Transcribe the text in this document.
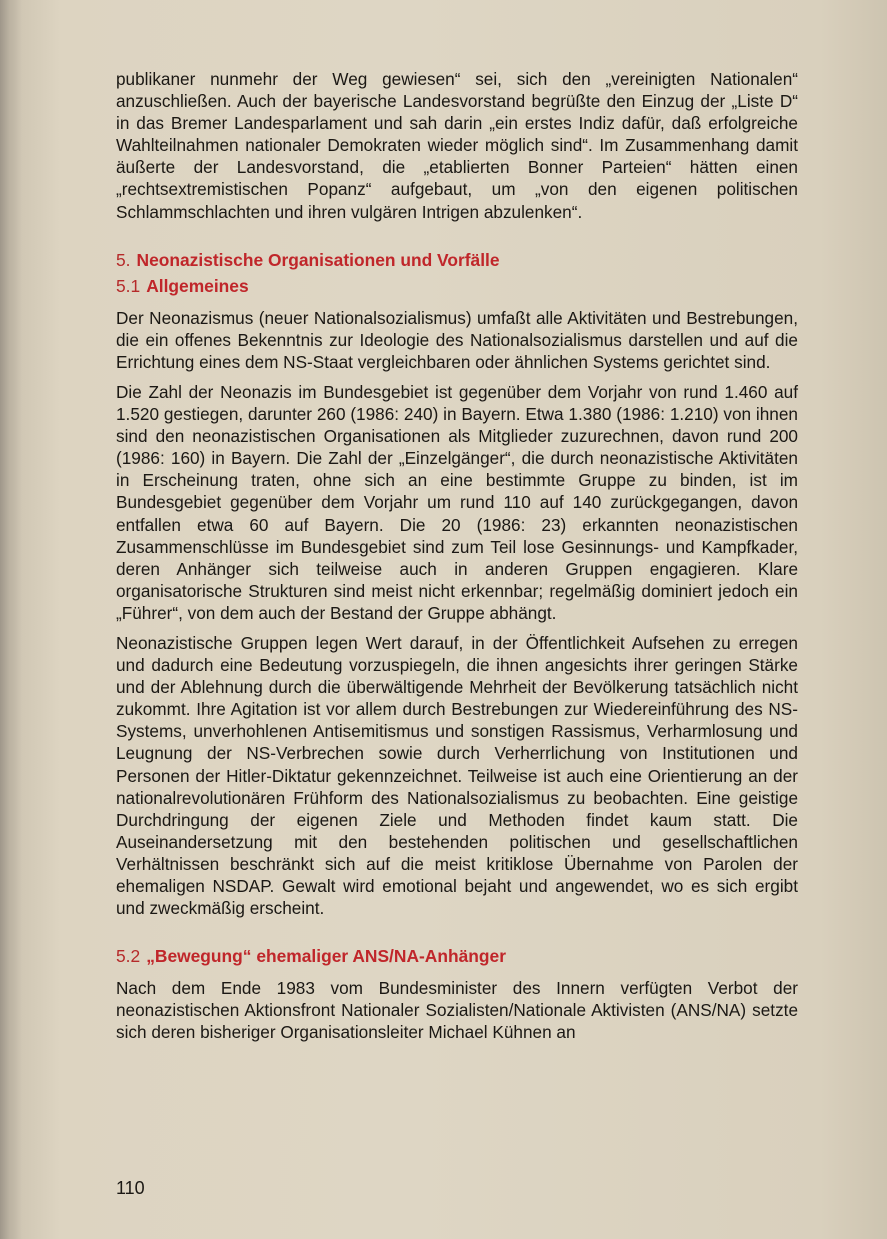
publikaner nunmehr der Weg gewiesen“ sei, sich den „vereinigten Nationalen“ anzuschließen. Auch der bayerische Landesvorstand begrüßte den Einzug der „Liste D“ in das Bremer Landesparlament und sah darin „ein erstes Indiz dafür, daß erfolgreiche Wahlteilnahmen nationaler Demokraten wieder möglich sind“. Im Zusammenhang damit äußerte der Landesvorstand, die „etablierten Bonner Parteien“ hätten einen „rechtsextremistischen Popanz“ aufgebaut, um „von den eigenen politischen Schlammschlachten und ihren vulgären Intrigen abzulenken“.

5. Neonazistische Organisationen und Vorfälle
5.1 Allgemeines

Der Neonazismus (neuer Nationalsozialismus) umfaßt alle Aktivitäten und Bestrebungen, die ein offenes Bekenntnis zur Ideologie des Nationalsozialismus darstellen und auf die Errichtung eines dem NS-Staat vergleichbaren oder ähnlichen Systems gerichtet sind.

Die Zahl der Neonazis im Bundesgebiet ist gegenüber dem Vorjahr von rund 1.460 auf 1.520 gestiegen, darunter 260 (1986: 240) in Bayern. Etwa 1.380 (1986: 1.210) von ihnen sind den neonazistischen Organisationen als Mitglieder zuzurechnen, davon rund 200 (1986: 160) in Bayern. Die Zahl der „Einzelgänger“, die durch neonazistische Aktivitäten in Erscheinung traten, ohne sich an eine bestimmte Gruppe zu binden, ist im Bundesgebiet gegenüber dem Vorjahr um rund 110 auf 140 zurückgegangen, davon entfallen etwa 60 auf Bayern. Die 20 (1986: 23) erkannten neonazistischen Zusammenschlüsse im Bundesgebiet sind zum Teil lose Gesinnungs- und Kampfkader, deren Anhänger sich teilweise auch in anderen Gruppen engagieren. Klare organisatorische Strukturen sind meist nicht erkennbar; regelmäßig dominiert jedoch ein „Führer“, von dem auch der Bestand der Gruppe abhängt.

Neonazistische Gruppen legen Wert darauf, in der Öffentlichkeit Aufsehen zu erregen und dadurch eine Bedeutung vorzuspiegeln, die ihnen angesichts ihrer geringen Stärke und der Ablehnung durch die überwältigende Mehrheit der Bevölkerung tatsächlich nicht zukommt. Ihre Agitation ist vor allem durch Bestrebungen zur Wiedereinführung des NS-Systems, unverhohlenen Antisemitismus und sonstigen Rassismus, Verharmlosung und Leugnung der NS-Verbrechen sowie durch Verherrlichung von Institutionen und Personen der Hitler-Diktatur gekennzeichnet. Teilweise ist auch eine Orientierung an der nationalrevolutionären Frühform des Nationalsozialismus zu beobachten. Eine geistige Durchdringung der eigenen Ziele und Methoden findet kaum statt. Die Auseinandersetzung mit den bestehenden politischen und gesellschaftlichen Verhältnissen beschränkt sich auf die meist kritiklose Übernahme von Parolen der ehemaligen NSDAP. Gewalt wird emotional bejaht und angewendet, wo es sich ergibt und zweckmäßig erscheint.

5.2 „Bewegung“ ehemaliger ANS/NA-Anhänger

Nach dem Ende 1983 vom Bundesminister des Innern verfügten Verbot der neonazistischen Aktionsfront Nationaler Sozialisten/Nationale Aktivisten (ANS/NA) setzte sich deren bisheriger Organisationsleiter Michael Kühnen an

110
